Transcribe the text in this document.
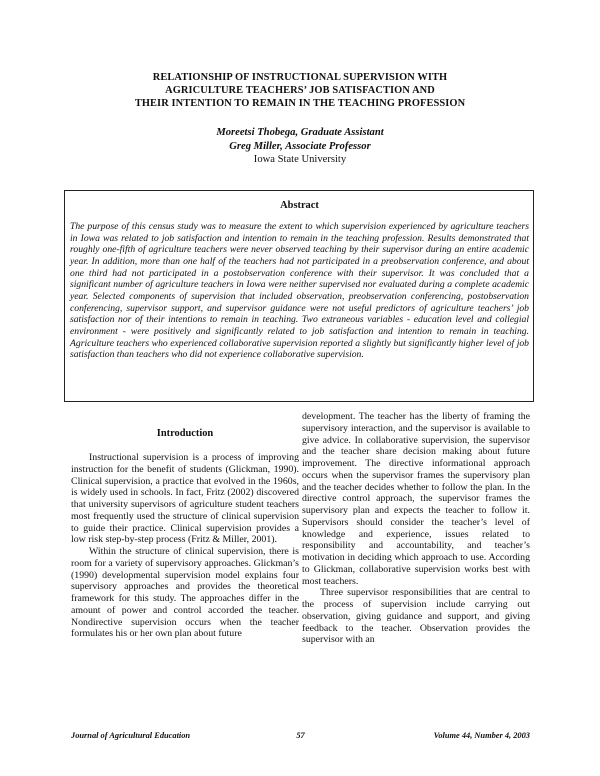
RELATIONSHIP OF INSTRUCTIONAL SUPERVISION WITH
AGRICULTURE TEACHERS’ JOB SATISFACTION AND
THEIR INTENTION TO REMAIN IN THE TEACHING PROFESSION
Moreetsi Thobega, Graduate Assistant
Greg Miller, Associate Professor
Iowa State University
Abstract
The purpose of this census study was to measure the extent to which supervision experienced by agriculture teachers in Iowa was related to job satisfaction and intention to remain in the teaching profession. Results demonstrated that roughly one-fifth of agriculture teachers were never observed teaching by their supervisor during an entire academic year. In addition, more than one half of the teachers had not participated in a preobservation conference, and about one third had not participated in a postobservation conference with their supervisor. It was concluded that a significant number of agriculture teachers in Iowa were neither supervised nor evaluated during a complete academic year. Selected components of supervision that included observation, preobservation conferencing, postobservation conferencing, supervisor support, and supervisor guidance were not useful predictors of agriculture teachers’ job satisfaction nor of their intentions to remain in teaching. Two extraneous variables - education level and collegial environment - were positively and significantly related to job satisfaction and intention to remain in teaching. Agriculture teachers who experienced collaborative supervision reported a slightly but significantly higher level of job satisfaction than teachers who did not experience collaborative supervision.
Introduction

Instructional supervision is a process of improving instruction for the benefit of students (Glickman, 1990). Clinical supervision, a practice that evolved in the 1960s, is widely used in schools. In fact, Fritz (2002) discovered that university supervisors of agriculture student teachers most frequently used the structure of clinical supervision to guide their practice. Clinical supervision provides a low risk step-by-step process (Fritz & Miller, 2001).

Within the structure of clinical supervision, there is room for a variety of supervisory approaches. Glickman’s (1990) developmental supervision model explains four supervisory approaches and provides the theoretical framework for this study. The approaches differ in the amount of power and control accorded the teacher. Nondirective supervision occurs when the teacher formulates his or her own plan about future

development. The teacher has the liberty of framing the supervisory interaction, and the supervisor is available to give advice. In collaborative supervision, the supervisor and the teacher share decision making about future improvement. The directive informational approach occurs when the supervisor frames the supervisory plan and the teacher decides whether to follow the plan. In the directive control approach, the supervisor frames the supervisory plan and expects the teacher to follow it. Supervisors should consider the teacher’s level of knowledge and experience, issues related to responsibility and accountability, and teacher’s motivation in deciding which approach to use. According to Glickman, collaborative supervision works best with most teachers.

Three supervisor responsibilities that are central to the process of supervision include carrying out observation, giving guidance and support, and giving feedback to the teacher. Observation provides the supervisor with an

Journal of Agricultural Education	57	Volume 44, Number 4, 2003
